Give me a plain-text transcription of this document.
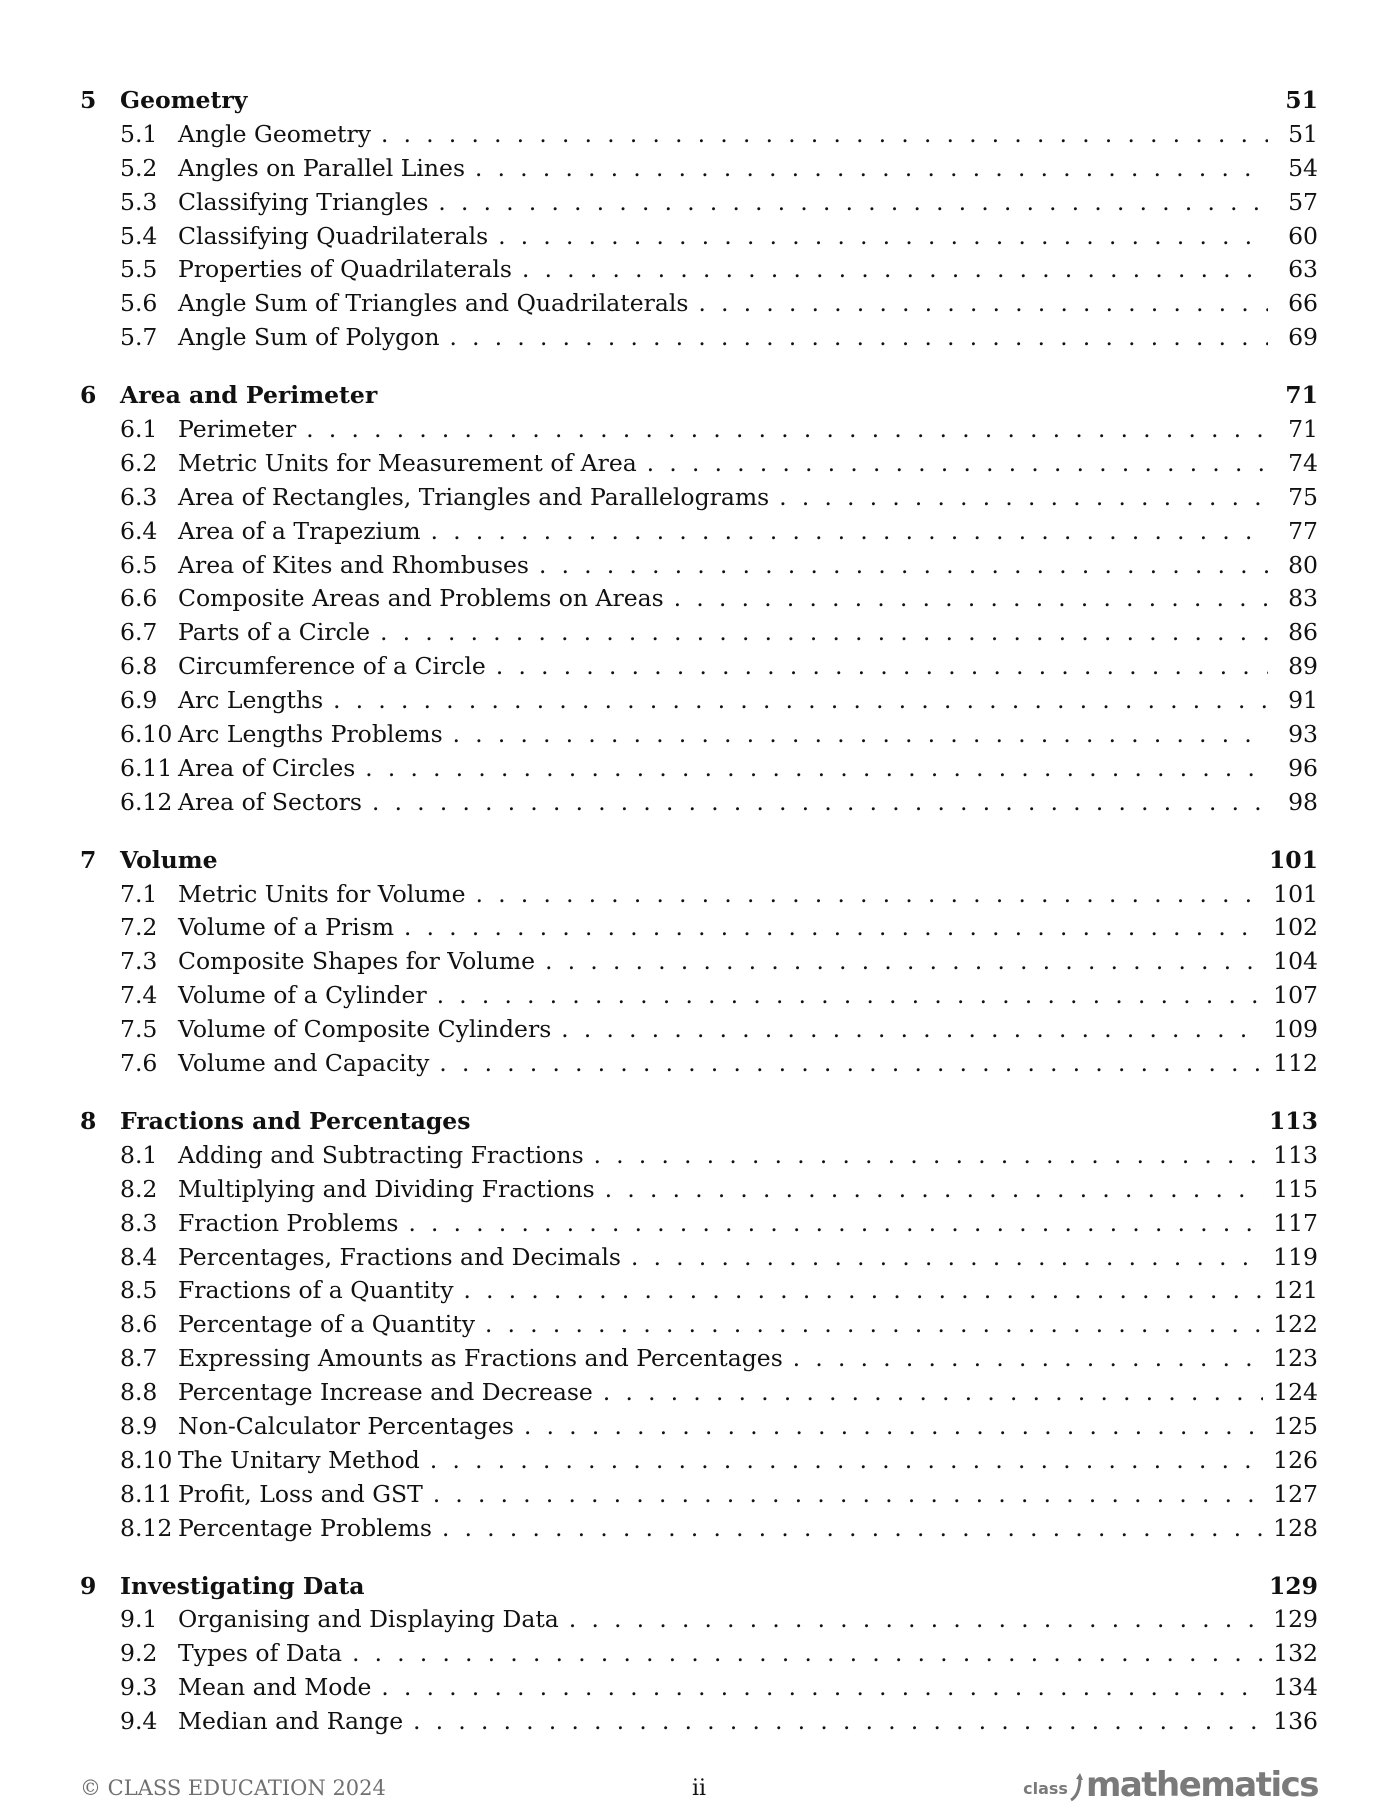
5	Geometry	51
5.1 Angle Geometry . . .	51
5.2 Angles on Parallel Lines . . .	54
5.3 Classifying Triangles . . .	57
5.4 Classifying Quadrilaterals . . .	60
5.5 Properties of Quadrilaterals . . .	63
5.6 Angle Sum of Triangles and Quadrilaterals . . .	66
5.7 Angle Sum of Polygon . . .	69
6	Area and Perimeter	71
6.1 Perimeter . . .	71
6.2 Metric Units for Measurement of Area . . .	74
6.3 Area of Rectangles, Triangles and Parallelograms . . .	75
6.4 Area of a Trapezium . . .	77
6.5 Area of Kites and Rhombuses . . .	80
6.6 Composite Areas and Problems on Areas . . .	83
6.7 Parts of a Circle . . .	86
6.8 Circumference of a Circle . . .	89
6.9 Arc Lengths . . .	91
6.10 Arc Lengths Problems . . .	93
6.11 Area of Circles . . .	96
6.12 Area of Sectors . . .	98
7	Volume	101
7.1 Metric Units for Volume . . .	101
7.2 Volume of a Prism . . .	102
7.3 Composite Shapes for Volume . . .	104
7.4 Volume of a Cylinder . . .	107
7.5 Volume of Composite Cylinders . . .	109
7.6 Volume and Capacity . . .	112
8	Fractions and Percentages	113
8.1 Adding and Subtracting Fractions . . .	113
8.2 Multiplying and Dividing Fractions . . .	115
8.3 Fraction Problems . . .	117
8.4 Percentages, Fractions and Decimals . . .	119
8.5 Fractions of a Quantity . . .	121
8.6 Percentage of a Quantity . . .	122
8.7 Expressing Amounts as Fractions and Percentages . . .	123
8.8 Percentage Increase and Decrease . . .	124
8.9 Non-Calculator Percentages . . .	125
8.10 The Unitary Method . . .	126
8.11 Profit, Loss and GST . . .	127
8.12 Percentage Problems . . .	128
9	Investigating Data	129
9.1 Organising and Displaying Data . . .	129
9.2 Types of Data . . .	132
9.3 Mean and Mode . . .	134
9.4 Median and Range . . .	136
© CLASS EDUCATION 2024	ii	class mathematics
